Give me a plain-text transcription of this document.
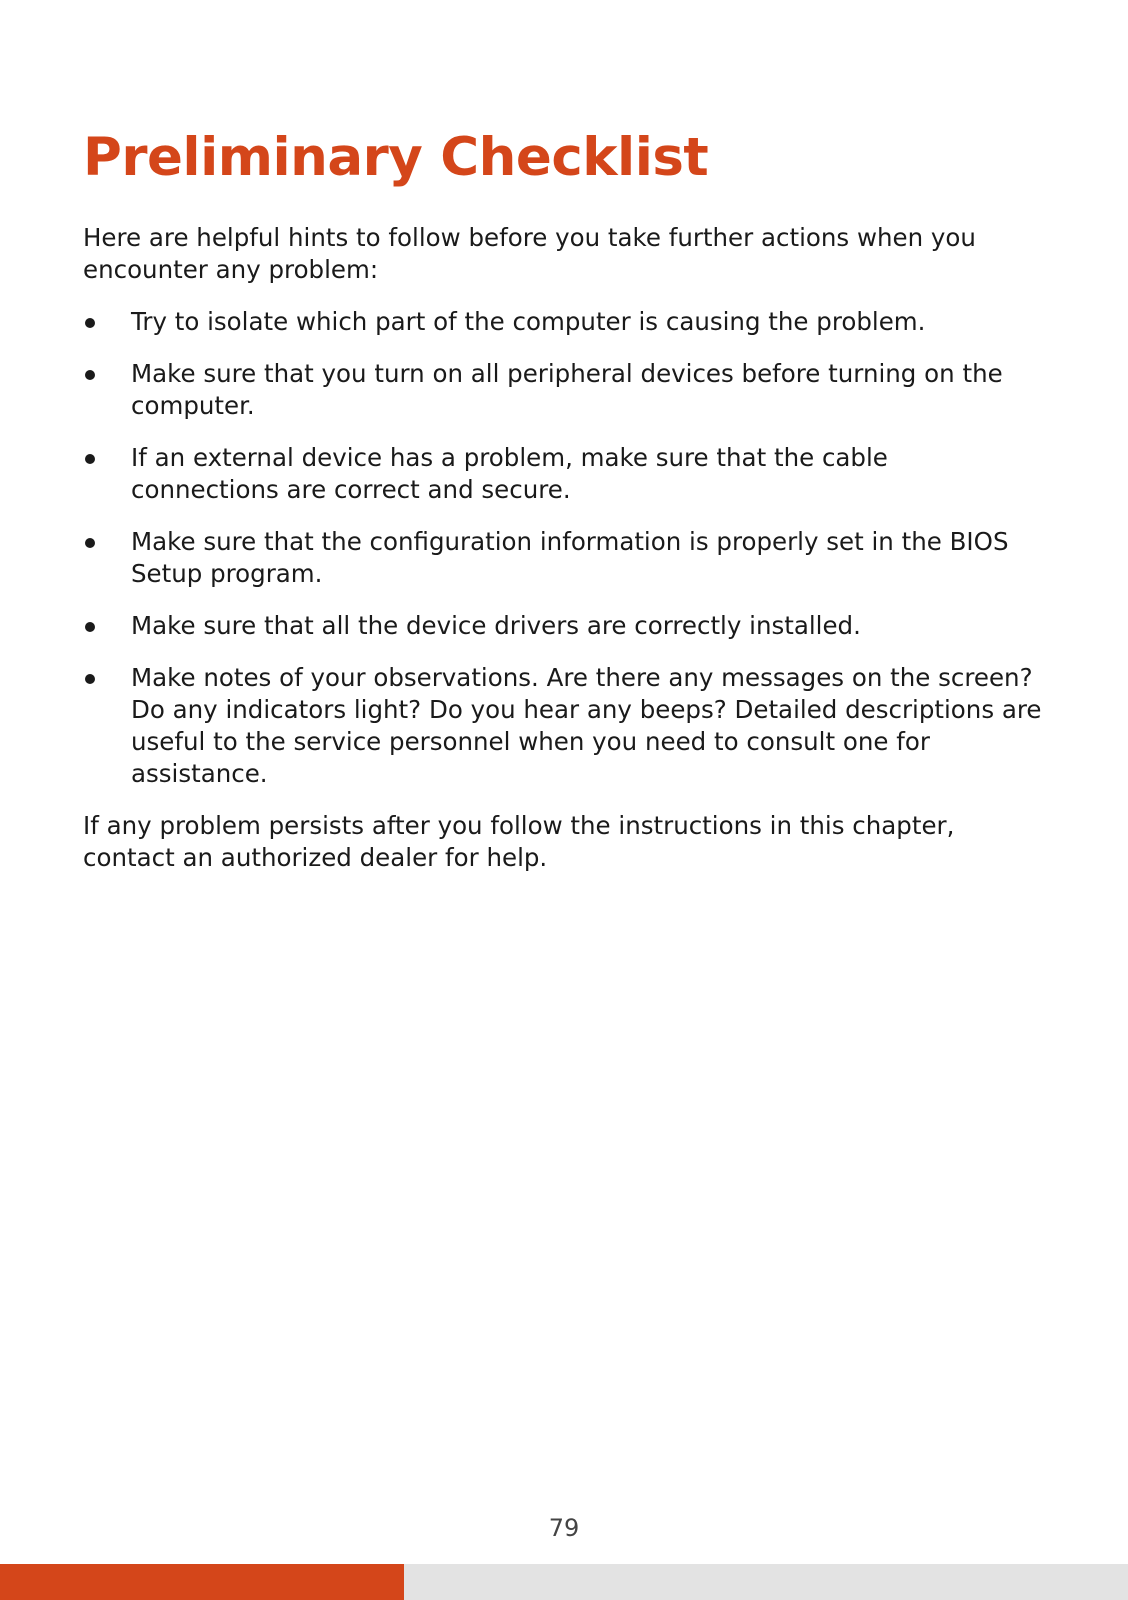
Preliminary Checklist

Here are helpful hints to follow before you take further actions when you encounter any problem:

Try to isolate which part of the computer is causing the problem.
Make sure that you turn on all peripheral devices before turning on the computer.
If an external device has a problem, make sure that the cable connections are correct and secure.
Make sure that the configuration information is properly set in the BIOS Setup program.
Make sure that all the device drivers are correctly installed.
Make notes of your observations. Are there any messages on the screen? Do any indicators light? Do you hear any beeps? Detailed descriptions are useful to the service personnel when you need to consult one for assistance.

If any problem persists after you follow the instructions in this chapter, contact an authorized dealer for help.

79
